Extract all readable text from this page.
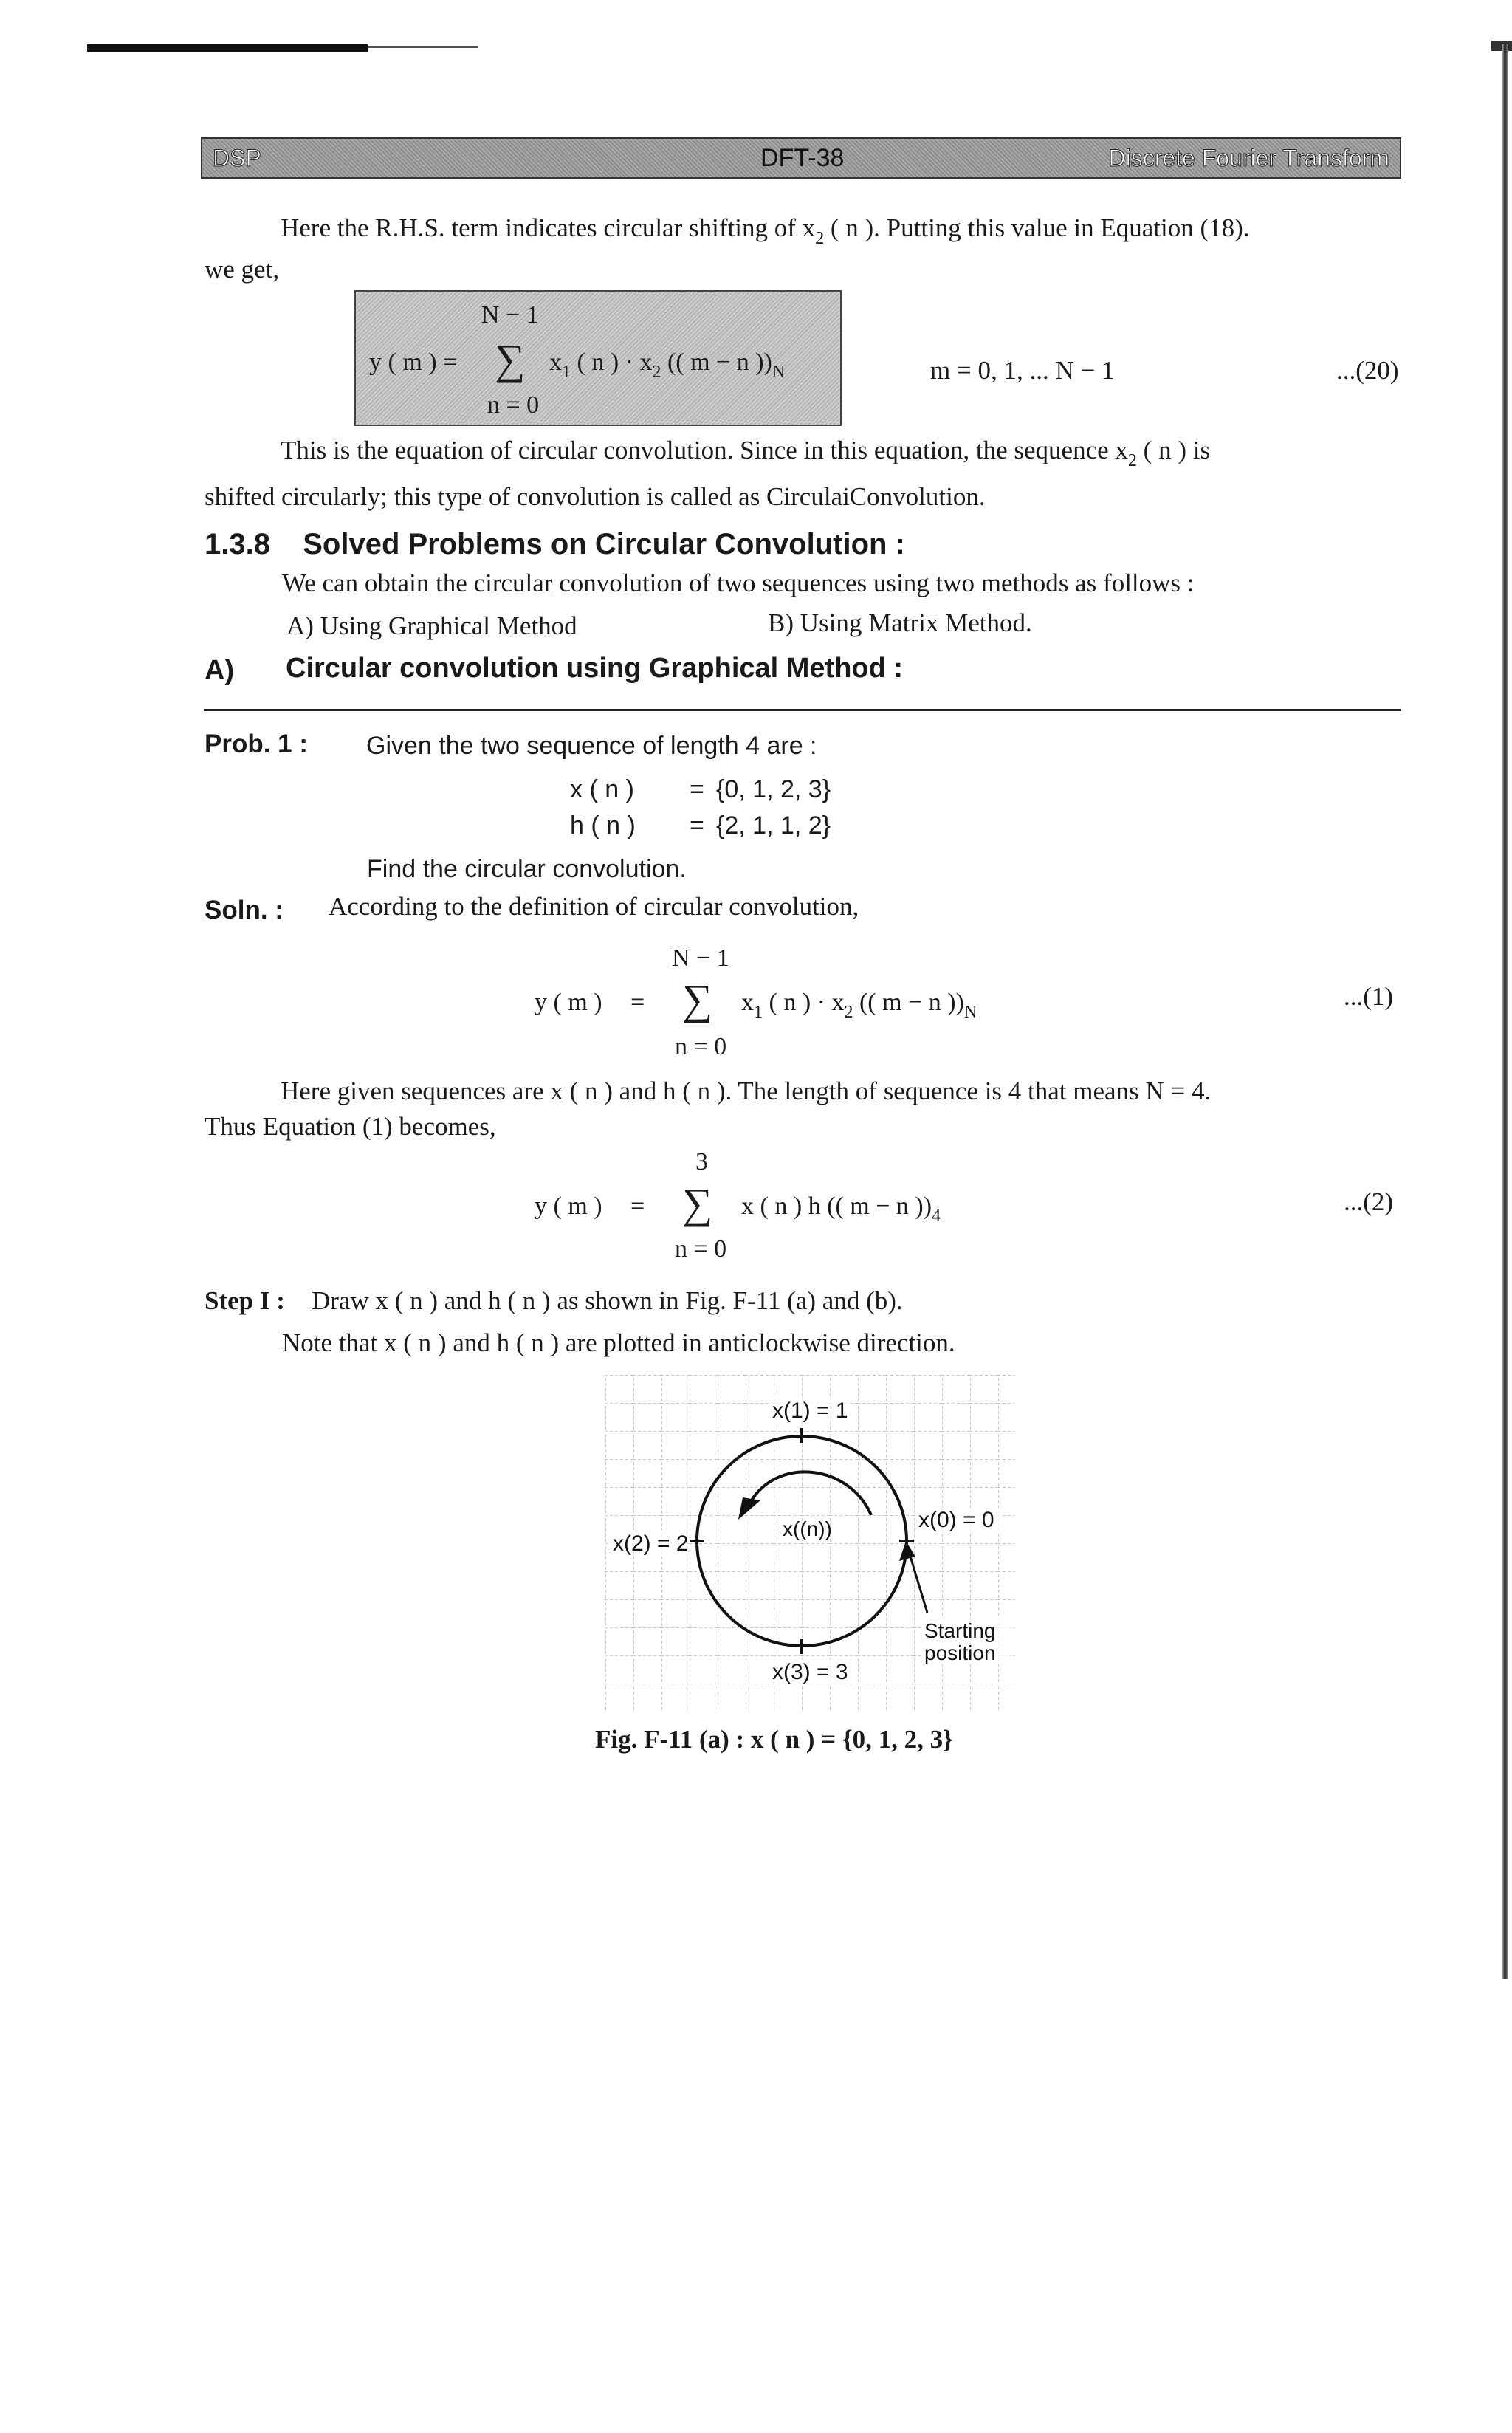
DSP	DFT-38	Discrete Fourier Transform
Here the R.H.S. term indicates circular shifting of $x_2$ ( n ). Putting this value in Equation (18).
we get,
N − 1
y ( m ) = ∑ $x_1$ ( n ) · $x_2$ (( m − n ))$_N$
n = 0
m = 0, 1, ... N − 1	...(20)
This is the equation of circular convolution. Since in this equation, the sequence $x_2$ ( n ) is
shifted circularly; this type of convolution is called as CirculaiConvolution.
1.3.8 Solved Problems on Circular Convolution :
We can obtain the circular convolution of two sequences using two methods as follows :
A) Using Graphical Method	B) Using Matrix Method.
A) Circular convolution using Graphical Method :
Prob. 1 : Given the two sequence of length 4 are :
x ( n ) = {0, 1, 2, 3}
h ( n ) = {2, 1, 1, 2}
Find the circular convolution.
Soln. : According to the definition of circular convolution,
N − 1
y ( m ) = ∑ $x_1$ ( n ) · $x_2$ (( m − n ))$_N$
n = 0
...(1)
Here given sequences are x ( n ) and h ( n ). The length of sequence is 4 that means N = 4.
Thus Equation (1) becomes,
3
y ( m ) = ∑ x ( n ) h (( m − n ))$_4$
n = 0
...(2)
Step I : Draw x ( n ) and h ( n ) as shown in Fig. F-11 (a) and (b).
Note that x ( n ) and h ( n ) are plotted in anticlockwise direction.
x(1) = 1
x(2) = 2
x(0) = 0
x(3) = 3
x((n))
Starting
position
Fig. F-11 (a) : x ( n ) = {0, 1, 2, 3}
